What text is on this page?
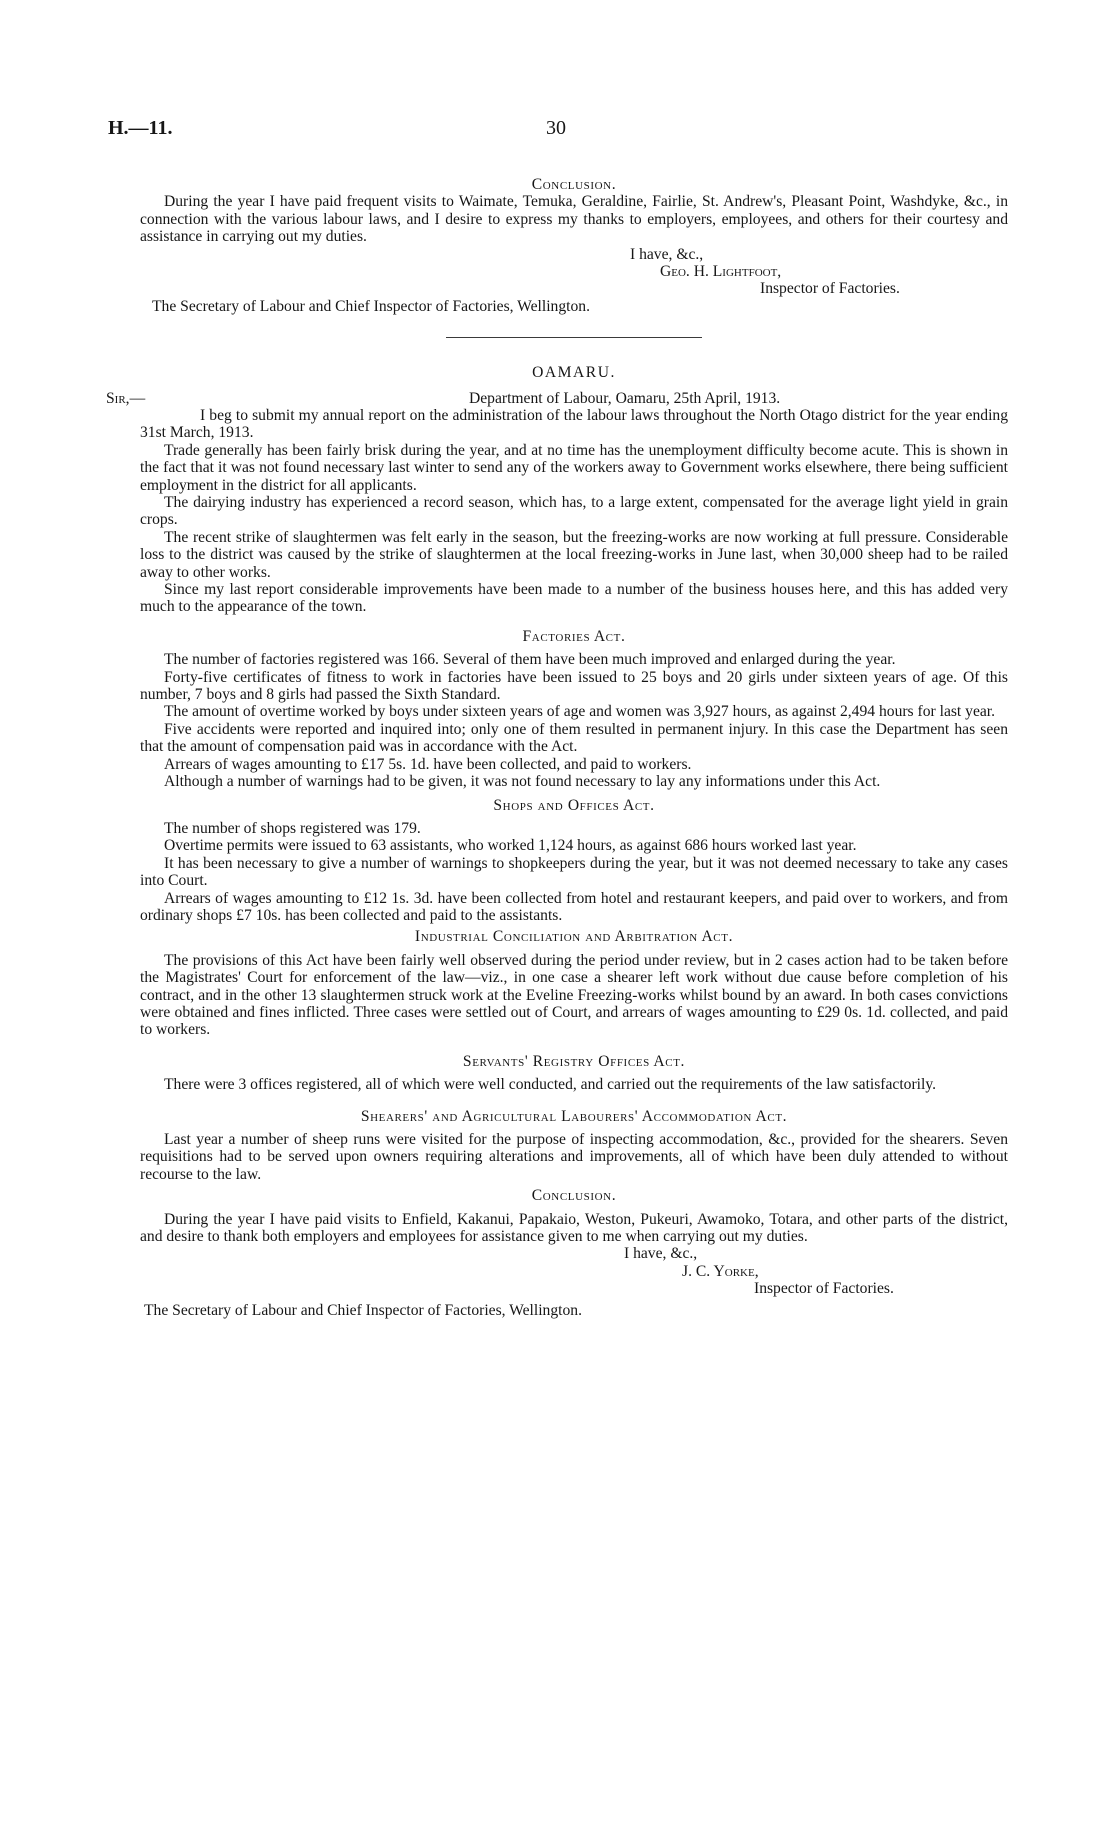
H.—11.	30

Conclusion.

During the year I have paid frequent visits to Waimate, Temuka, Geraldine, Fairlie, St. Andrew's, Pleasant Point, Washdyke, &c., in connection with the various labour laws, and I desire to express my thanks to employers, employees, and others for their courtesy and assistance in carrying out my duties.

I have, &c.,
Geo. H. Lightfoot,
Inspector of Factories.
The Secretary of Labour and Chief Inspector of Factories, Wellington.

OAMARU.

Sir,—	Department of Labour, Oamaru, 25th April, 1913.

I beg to submit my annual report on the administration of the labour laws throughout the North Otago district for the year ending 31st March, 1913.

Trade generally has been fairly brisk during the year, and at no time has the unemployment difficulty become acute. This is shown in the fact that it was not found necessary last winter to send any of the workers away to Government works elsewhere, there being sufficient employment in the district for all applicants.

The dairying industry has experienced a record season, which has, to a large extent, compensated for the average light yield in grain crops.

The recent strike of slaughtermen was felt early in the season, but the freezing-works are now working at full pressure. Considerable loss to the district was caused by the strike of slaughtermen at the local freezing-works in June last, when 30,000 sheep had to be railed away to other works.

Since my last report considerable improvements have been made to a number of the business houses here, and this has added very much to the appearance of the town.

Factories Act.

The number of factories registered was 166. Several of them have been much improved and enlarged during the year.

Forty-five certificates of fitness to work in factories have been issued to 25 boys and 20 girls under sixteen years of age. Of this number, 7 boys and 8 girls had passed the Sixth Standard.

The amount of overtime worked by boys under sixteen years of age and women was 3,927 hours, as against 2,494 hours for last year.

Five accidents were reported and inquired into; only one of them resulted in permanent injury. In this case the Department has seen that the amount of compensation paid was in accordance with the Act.

Arrears of wages amounting to £17 5s. 1d. have been collected, and paid to workers.

Although a number of warnings had to be given, it was not found necessary to lay any informations under this Act.

Shops and Offices Act.

The number of shops registered was 179.

Overtime permits were issued to 63 assistants, who worked 1,124 hours, as against 686 hours worked last year.

It has been necessary to give a number of warnings to shopkeepers during the year, but it was not deemed necessary to take any cases into Court.

Arrears of wages amounting to £12 1s. 3d. have been collected from hotel and restaurant keepers, and paid over to workers, and from ordinary shops £7 10s. has been collected and paid to the assistants.

Industrial Conciliation and Arbitration Act.

The provisions of this Act have been fairly well observed during the period under review, but in 2 cases action had to be taken before the Magistrates' Court for enforcement of the law—viz., in one case a shearer left work without due cause before completion of his contract, and in the other 13 slaughtermen struck work at the Eveline Freezing-works whilst bound by an award. In both cases convictions were obtained and fines inflicted. Three cases were settled out of Court, and arrears of wages amounting to £29 0s. 1d. collected, and paid to workers.

Servants' Registry Offices Act.

There were 3 offices registered, all of which were well conducted, and carried out the requirements of the law satisfactorily.

Shearers' and Agricultural Labourers' Accommodation Act.

Last year a number of sheep runs were visited for the purpose of inspecting accommodation, &c., provided for the shearers. Seven requisitions had to be served upon owners requiring alterations and improvements, all of which have been duly attended to without recourse to the law.

Conclusion.

During the year I have paid visits to Enfield, Kakanui, Papakaio, Weston, Pukeuri, Awamoko, Totara, and other parts of the district, and desire to thank both employers and employees for assistance given to me when carrying out my duties.

I have, &c.,
J. C. Yorke,
Inspector of Factories.
The Secretary of Labour and Chief Inspector of Factories, Wellington.
